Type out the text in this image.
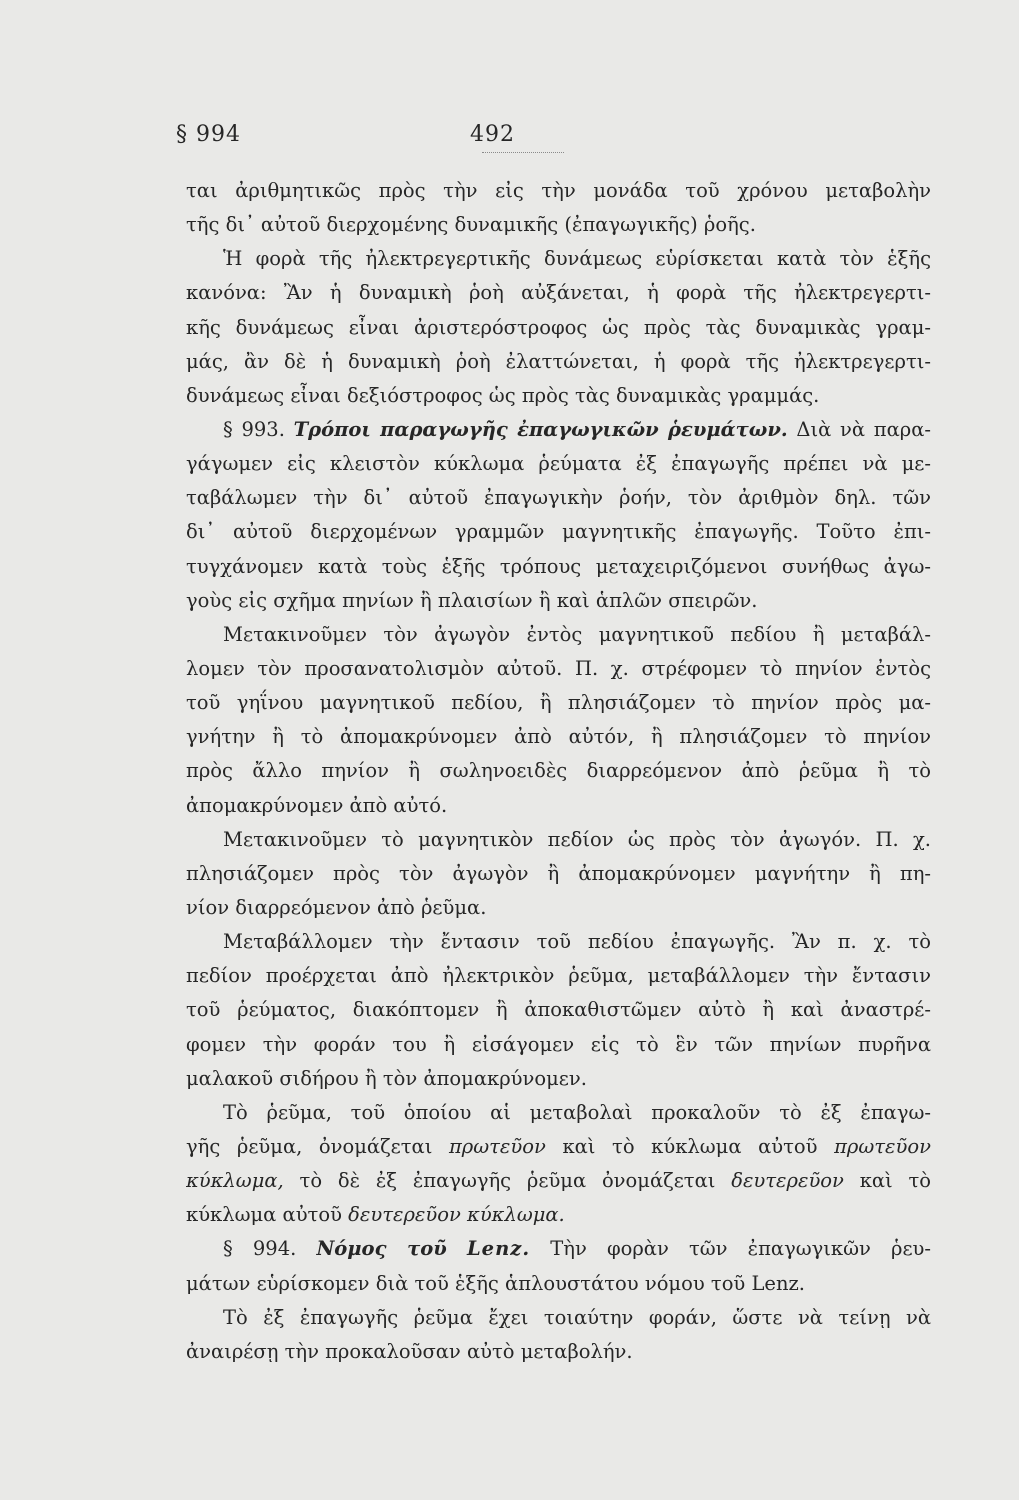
§ 994	492
ται ἀριθμητικῶς πρὸς τὴν εἰς τὴν μονάδα τοῦ χρόνου μεταβολὴν
τῆς δι᾽ αὐτοῦ διερχομένης δυναμικῆς (ἐπαγωγικῆς) ῥοῆς.
Ἡ φορὰ τῆς ἠλεκτρεγερτικῆς δυνάμεως εὑρίσκεται κατὰ τὸν ἑξῆς
κανόνα: Ἂν ἡ δυναμικὴ ῥοὴ αὐξάνεται, ἡ φορὰ τῆς ἠλεκτρεγερτι-
κῆς δυνάμεως εἶναι ἀριστερόστροφος ὡς πρὸς τὰς δυναμικὰς γραμ-
μάς, ἂν δὲ ἡ δυναμικὴ ῥοὴ ἐλαττώνεται, ἡ φορὰ τῆς ἠλεκτρεγερτι-
δυνάμεως εἶναι δεξιόστροφος ὡς πρὸς τὰς δυναμικὰς γραμμάς.
§ 993. Τρόποι παραγωγῆς ἐπαγωγικῶν ῥευμάτων. Διὰ νὰ παρα-
γάγωμεν εἰς κλειστὸν κύκλωμα ῥεύματα ἐξ ἐπαγωγῆς πρέπει νὰ με-
ταβάλωμεν τὴν δι᾽ αὐτοῦ ἐπαγωγικὴν ῥοήν, τὸν ἀριθμὸν δηλ. τῶν
δι᾽ αὐτοῦ διερχομένων γραμμῶν μαγνητικῆς ἐπαγωγῆς. Τοῦτο ἐπι-
τυγχάνομεν κατὰ τοὺς ἑξῆς τρόπους μεταχειριζόμενοι συνήθως ἀγω-
γοὺς εἰς σχῆμα πηνίων ἢ πλαισίων ἢ καὶ ἁπλῶν σπειρῶν.
Μετακινοῦμεν τὸν ἀγωγὸν ἐντὸς μαγνητικοῦ πεδίου ἢ μεταβάλ-
λομεν τὸν προσανατολισμὸν αὐτοῦ. Π. χ. στρέφομεν τὸ πηνίον ἐντὸς
τοῦ γηΐνου μαγνητικοῦ πεδίου, ἢ πλησιάζομεν τὸ πηνίον πρὸς μα-
γνήτην ἢ τὸ ἀπομακρύνομεν ἀπὸ αὐτόν, ἢ πλησιάζομεν τὸ πηνίον
πρὸς ἄλλο πηνίον ἢ σωληνοειδὲς διαρρεόμενον ἀπὸ ῥεῦμα ἢ τὸ
ἀπομακρύνομεν ἀπὸ αὐτό.
Μετακινοῦμεν τὸ μαγνητικὸν πεδίον ὡς πρὸς τὸν ἀγωγόν. Π. χ.
πλησιάζομεν πρὸς τὸν ἀγωγὸν ἢ ἀπομακρύνομεν μαγνήτην ἢ πη-
νίον διαρρεόμενον ἀπὸ ῥεῦμα.
Μεταβάλλομεν τὴν ἔντασιν τοῦ πεδίου ἐπαγωγῆς. Ἂν π. χ. τὸ
πεδίον προέρχεται ἀπὸ ἠλεκτρικὸν ῥεῦμα, μεταβάλλομεν τὴν ἔντασιν
τοῦ ῥεύματος, διακόπτομεν ἢ ἀποκαθιστῶμεν αὐτὸ ἢ καὶ ἀναστρέ-
φομεν τὴν φοράν του ἢ εἰσάγομεν εἰς τὸ ἓν τῶν πηνίων πυρῆνα
μαλακοῦ σιδήρου ἢ τὸν ἀπομακρύνομεν.
Τὸ ῥεῦμα, τοῦ ὁποίου αἱ μεταβολαὶ προκαλοῦν τὸ ἐξ ἐπαγω-
γῆς ῥεῦμα, ὀνομάζεται πρωτεῦον καὶ τὸ κύκλωμα αὐτοῦ πρωτεῦον
κύκλωμα, τὸ δὲ ἐξ ἐπαγωγῆς ῥεῦμα ὀνομάζεται δευτερεῦον καὶ τὸ
κύκλωμα αὐτοῦ δευτερεῦον κύκλωμα.
§ 994. Νόμος τοῦ Lenz. Τὴν φορὰν τῶν ἐπαγωγικῶν ῥευ-
μάτων εὑρίσκομεν διὰ τοῦ ἑξῆς ἁπλουστάτου νόμου τοῦ Lenz.
Τὸ ἐξ ἐπαγωγῆς ῥεῦμα ἔχει τοιαύτην φοράν, ὥστε νὰ τείνῃ νὰ
ἀναιρέσῃ τὴν προκαλοῦσαν αὐτὸ μεταβολήν.
